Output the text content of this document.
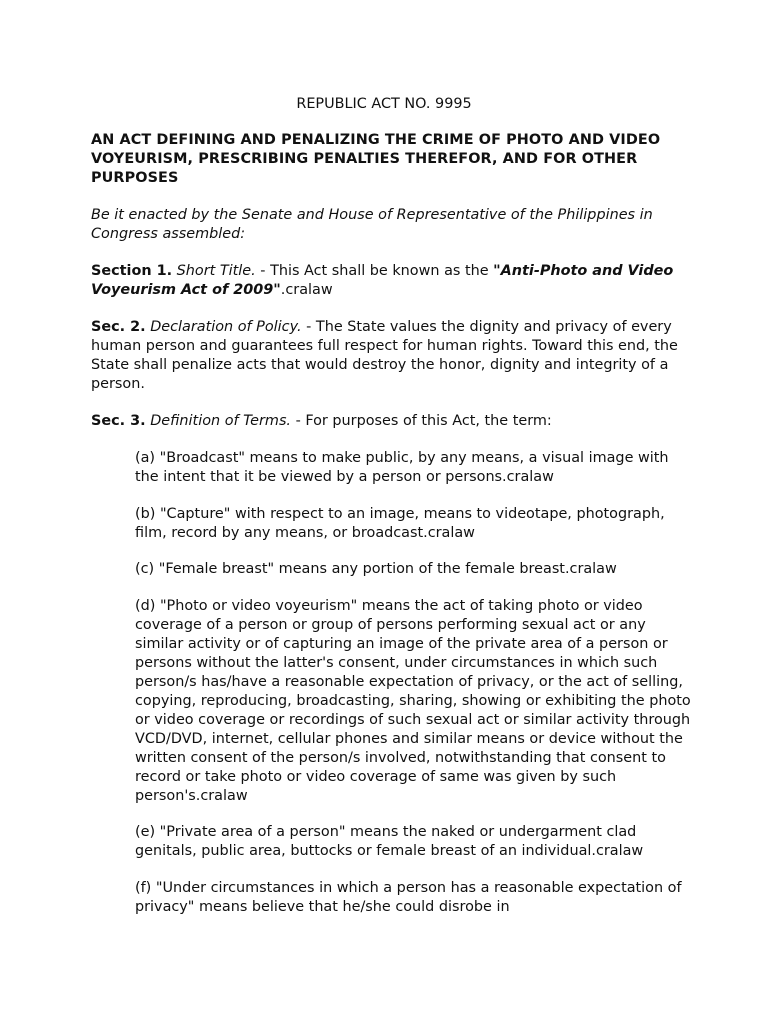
REPUBLIC ACT NO. 9995

AN ACT DEFINING AND PENALIZING THE CRIME OF PHOTO AND VIDEO VOYEURISM, PRESCRIBING PENALTIES THEREFOR, AND FOR OTHER PURPOSES

Be it enacted by the Senate and House of Representative of the Philippines in Congress assembled:

Section 1. Short Title. - This Act shall be known as the "Anti-Photo and Video Voyeurism Act of 2009".cralaw

Sec. 2. Declaration of Policy. - The State values the dignity and privacy of every human person and guarantees full respect for human rights. Toward this end, the State shall penalize acts that would destroy the honor, dignity and integrity of a person.

Sec. 3. Definition of Terms. - For purposes of this Act, the term:

(a) "Broadcast" means to make public, by any means, a visual image with the intent that it be viewed by a person or persons.cralaw

(b) "Capture" with respect to an image, means to videotape, photograph, film, record by any means, or broadcast.cralaw

(c) "Female breast" means any portion of the female breast.cralaw

(d) "Photo or video voyeurism" means the act of taking photo or video coverage of a person or group of persons performing sexual act or any similar activity or of capturing an image of the private area of a person or persons without the latter's consent, under circumstances in which such person/s has/have a reasonable expectation of privacy, or the act of selling, copying, reproducing, broadcasting, sharing, showing or exhibiting the photo or video coverage or recordings of such sexual act or similar activity through VCD/DVD, internet, cellular phones and similar means or device without the written consent of the person/s involved, notwithstanding that consent to record or take photo or video coverage of same was given by such person's.cralaw

(e) "Private area of a person" means the naked or undergarment clad genitals, public area, buttocks or female breast of an individual.cralaw

(f) "Under circumstances in which a person has a reasonable expectation of privacy" means believe that he/she could disrobe in
